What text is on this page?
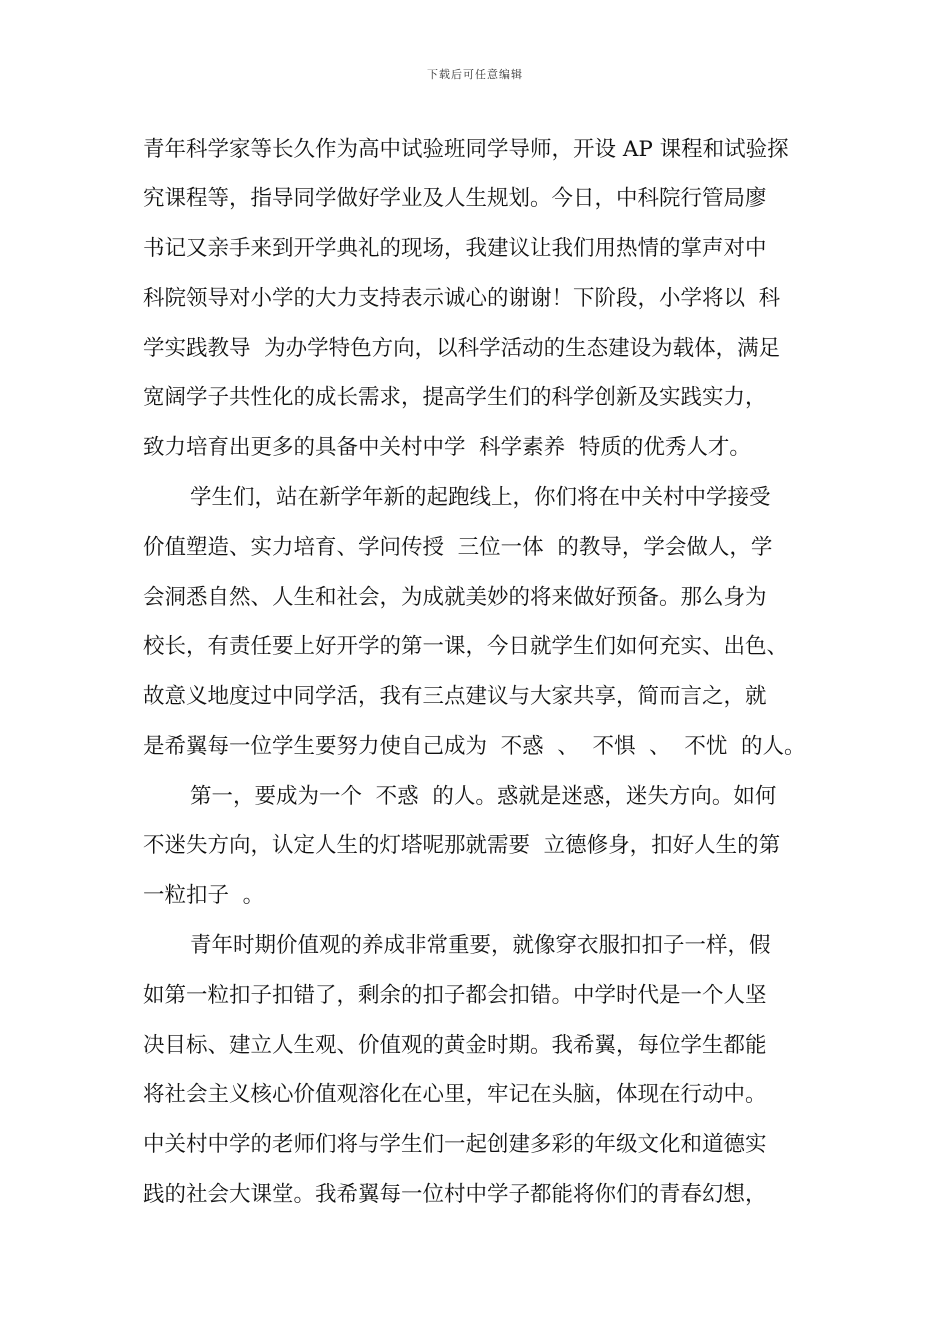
下载后可任意编辑
青年科学家等长久作为高中试验班同学导师，开设 AP 课程和试验探
究课程等，指导同学做好学业及人生规划。今日，中科院行管局廖
书记又亲手来到开学典礼的现场，我建议让我们用热情的掌声对中
科院领导对小学的大力支持表示诚心的谢谢！下阶段，小学将以  科
学实践教导  为办学特色方向，以科学活动的生态建设为载体，满足
宽阔学子共性化的成长需求，提高学生们的科学创新及实践实力，
致力培育出更多的具备中关村中学  科学素养  特质的优秀人才。
学生们，站在新学年新的起跑线上，你们将在中关村中学接受
价值塑造、实力培育、学问传授  三位一体  的教导，学会做人，学
会洞悉自然、人生和社会，为成就美妙的将来做好预备。那么身为
校长，有责任要上好开学的第一课，今日就学生们如何充实、出色、
故意义地度过中同学活，我有三点建议与大家共享，简而言之，就
是希翼每一位学生要努力使自己成为  不惑  、  不惧  、  不忧  的人。
第一，要成为一个  不惑  的人。惑就是迷惑，迷失方向。如何
不迷失方向，认定人生的灯塔呢那就需要  立德修身，扣好人生的第
一粒扣子  。
青年时期价值观的养成非常重要，就像穿衣服扣扣子一样，假
如第一粒扣子扣错了，剩余的扣子都会扣错。中学时代是一个人坚
决目标、建立人生观、价值观的黄金时期。我希翼，每位学生都能
将社会主义核心价值观溶化在心里，牢记在头脑，体现在行动中。
中关村中学的老师们将与学生们一起创建多彩的年级文化和道德实
践的社会大课堂。我希翼每一位村中学子都能将你们的青春幻想，
